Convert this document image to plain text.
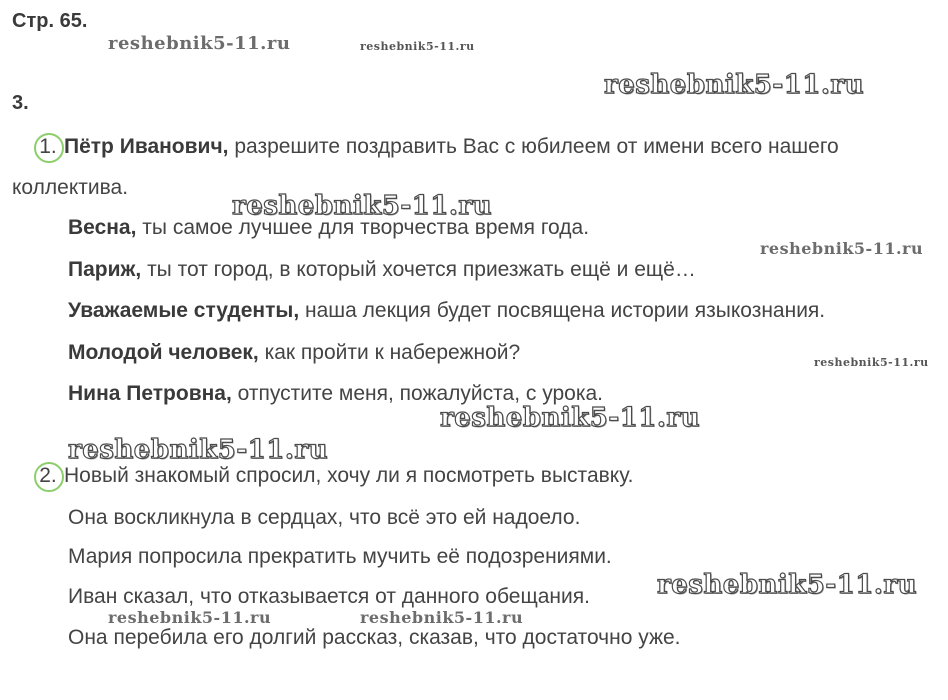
Стр. 65.
3.
1. Пётр Иванович, разрешите поздравить Вас с юбилеем от имени всего нашего
коллектива.
Весна, ты самое лучшее для творчества время года.
Париж, ты тот город, в который хочется приезжать ещё и ещё…
Уважаемые студенты, наша лекция будет посвящена истории языкознания.
Молодой человек, как пройти к набережной?
Нина Петровна, отпустите меня, пожалуйста, с урока.
2. Новый знакомый спросил, хочу ли я посмотреть выставку.
Она воскликнула в сердцах, что всё это ей надоело.
Мария попросила прекратить мучить её подозрениями.
Иван сказал, что отказывается от данного обещания.
Она перебила его долгий рассказ, сказав, что достаточно уже.
reshebnik5-11.ru	reshebnik5-11.ru
reshebnik5-11.ru
reshebnik5-11.ru
reshebnik5-11.ru
reshebnik5-11.ru
reshebnik5-11.ru
reshebnik5-11.ru
reshebnik5-11.ru
reshebnik5-11.ru	reshebnik5-11.ru
